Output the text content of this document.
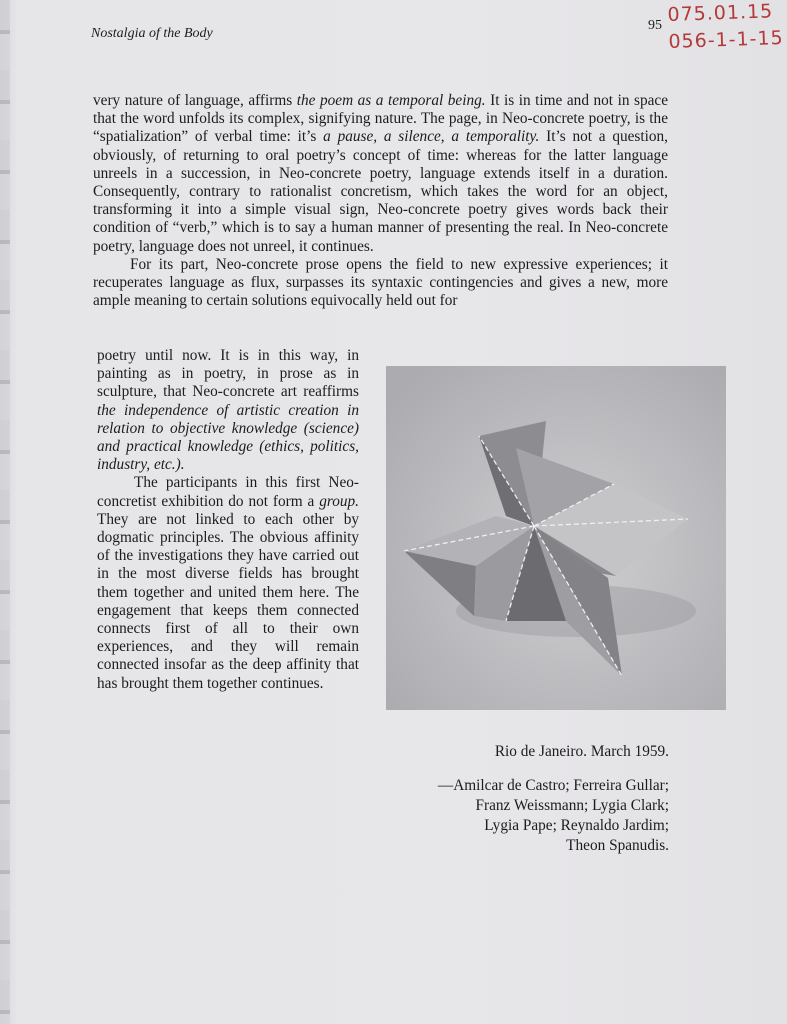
Nostalgia of the Body
95 075.01.15
056-1-1-15

very nature of language, affirms the poem as a temporal being. It is in time and not in space that the word unfolds its complex, signifying nature. The page, in Neo-concrete poetry, is the “spatialization” of verbal time: it’s a pause, a silence, a temporality. It’s not a question, obviously, of returning to oral poetry’s concept of time: whereas for the latter language unreels in a succession, in Neo-concrete poetry, language extends itself in a duration. Consequently, contrary to rationalist concretism, which takes the word for an object, transforming it into a simple visual sign, Neo-concrete poetry gives words back their condition of “verb,” which is to say a human manner of presenting the real. In Neo-concrete poetry, language does not unreel, it continues.

For its part, Neo-concrete prose opens the field to new expressive experiences; it recuperates language as flux, surpasses its syntaxic contingencies and gives a new, more ample meaning to certain solutions equivocally held out for

poetry until now. It is in this way, in painting as in poetry, in prose as in sculpture, that Neo-concrete art reaffirms the independence of artistic creation in relation to objective knowledge (science) and practical knowledge (ethics, politics, industry, etc.).

The participants in this first Neo-concretist exhibition do not form a group. They are not linked to each other by dogmatic principles. The obvious affinity of the investigations they have carried out in the most diverse fields has brought them together and united them here. The engagement that keeps them connected connects first of all to their own experiences, and they will remain connected insofar as the deep affinity that has brought them together continues.

Rio de Janeiro. March 1959.
—Amilcar de Castro; Ferreira Gullar;
Franz Weissmann; Lygia Clark;
Lygia Pape; Reynaldo Jardim;
Theon Spanudis.
